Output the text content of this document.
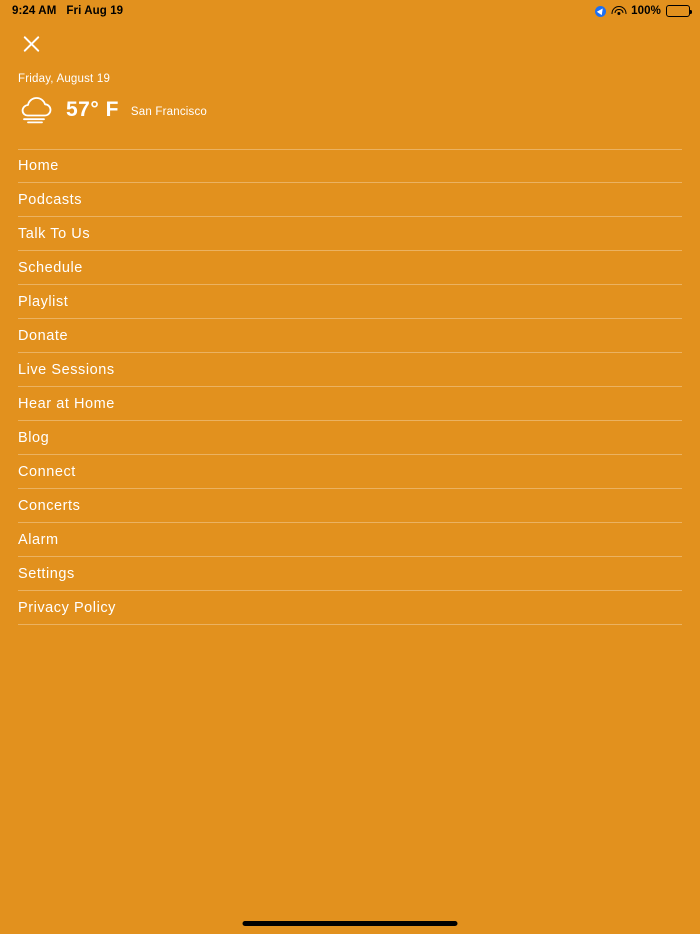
9:24 AM Fri Aug 19	100%
Friday, August 19
57° F San Francisco
Home
Podcasts
Talk To Us
Schedule
Playlist
Donate
Live Sessions
Hear at Home
Blog
Connect
Concerts
Alarm
Settings
Privacy Policy
